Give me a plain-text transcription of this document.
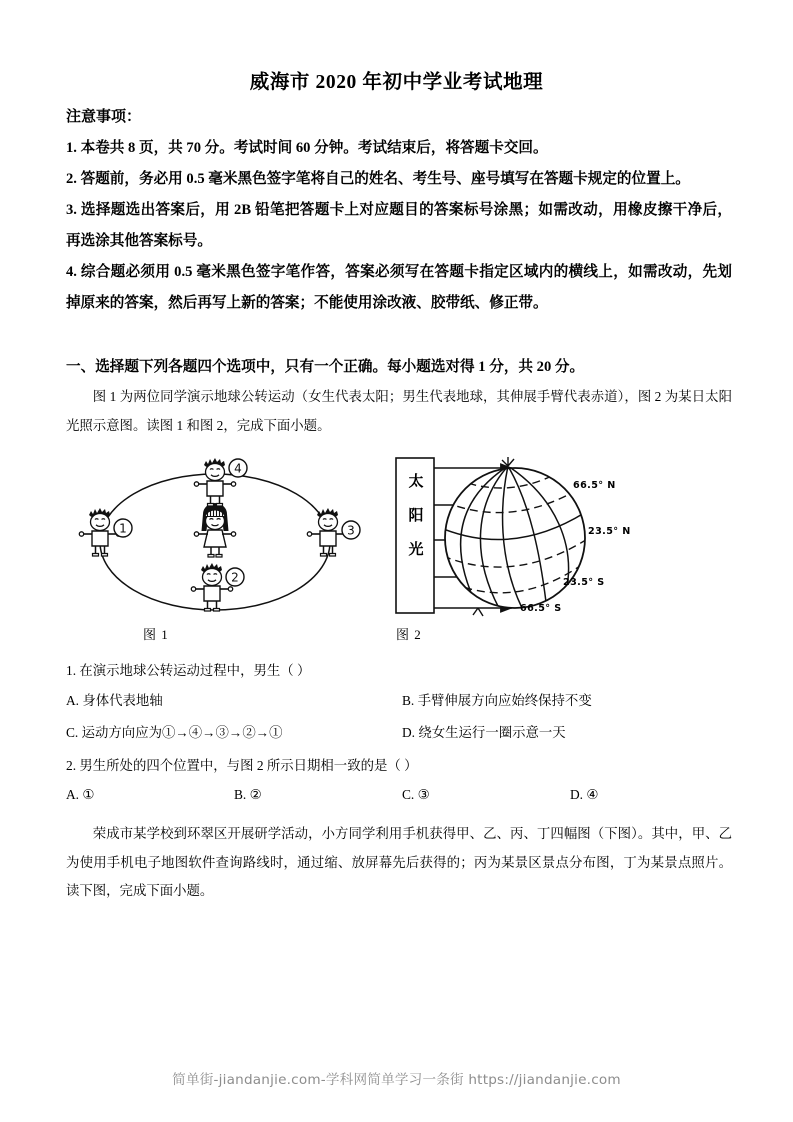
威海市 2020 年初中学业考试地理
注意事项：
1. 本卷共 8 页，共 70 分。考试时间 60 分钟。考试结束后，将答题卡交回。
2. 答题前，务必用 0.5 毫米黑色签字笔将自己的姓名、考生号、座号填写在答题卡规定的位置上。
3. 选择题选出答案后，用 2B 铅笔把答题卡上对应题目的答案标号涂黑；如需改动，用橡皮擦干净后，再选涂其他答案标号。
4. 综合题必须用 0.5 毫米黑色签字笔作答，答案必须写在答题卡指定区域内的横线上，如需改动，先划掉原来的答案，然后再写上新的答案；不能使用涂改液、胶带纸、修正带。
一、选择题下列各题四个选项中，只有一个正确。每小题选对得 1 分，共 20 分。
图 1 为两位同学演示地球公转运动（女生代表太阳；男生代表地球，其伸展手臂代表赤道），图 2 为某日太阳光照示意图。读图 1 和图 2，完成下面小题。
4
1	3
2
太
阳
光
66.5° N
23.5° N
23.5° S
66.5° S
图 1	图 2
1. 在演示地球公转运动过程中，男生（ ）
A. 身体代表地轴	B. 手臂伸展方向应始终保持不变
C. 运动方向应为①→④→③→②→①	D. 绕女生运行一圈示意一天
2. 男生所处的四个位置中，与图 2 所示日期相一致的是（ ）
A. ①	B. ②	C. ③	D. ④
荣成市某学校到环翠区开展研学活动，小方同学利用手机获得甲、乙、丙、丁四幅图（下图）。其中，甲、乙为使用手机电子地图软件查询路线时，通过缩、放屏幕先后获得的；丙为某景区景点分布图，丁为某景点照片。读下图，完成下面小题。
简单街-jiandanjie.com-学科网简单学习一条街 https://jiandanjie.com
